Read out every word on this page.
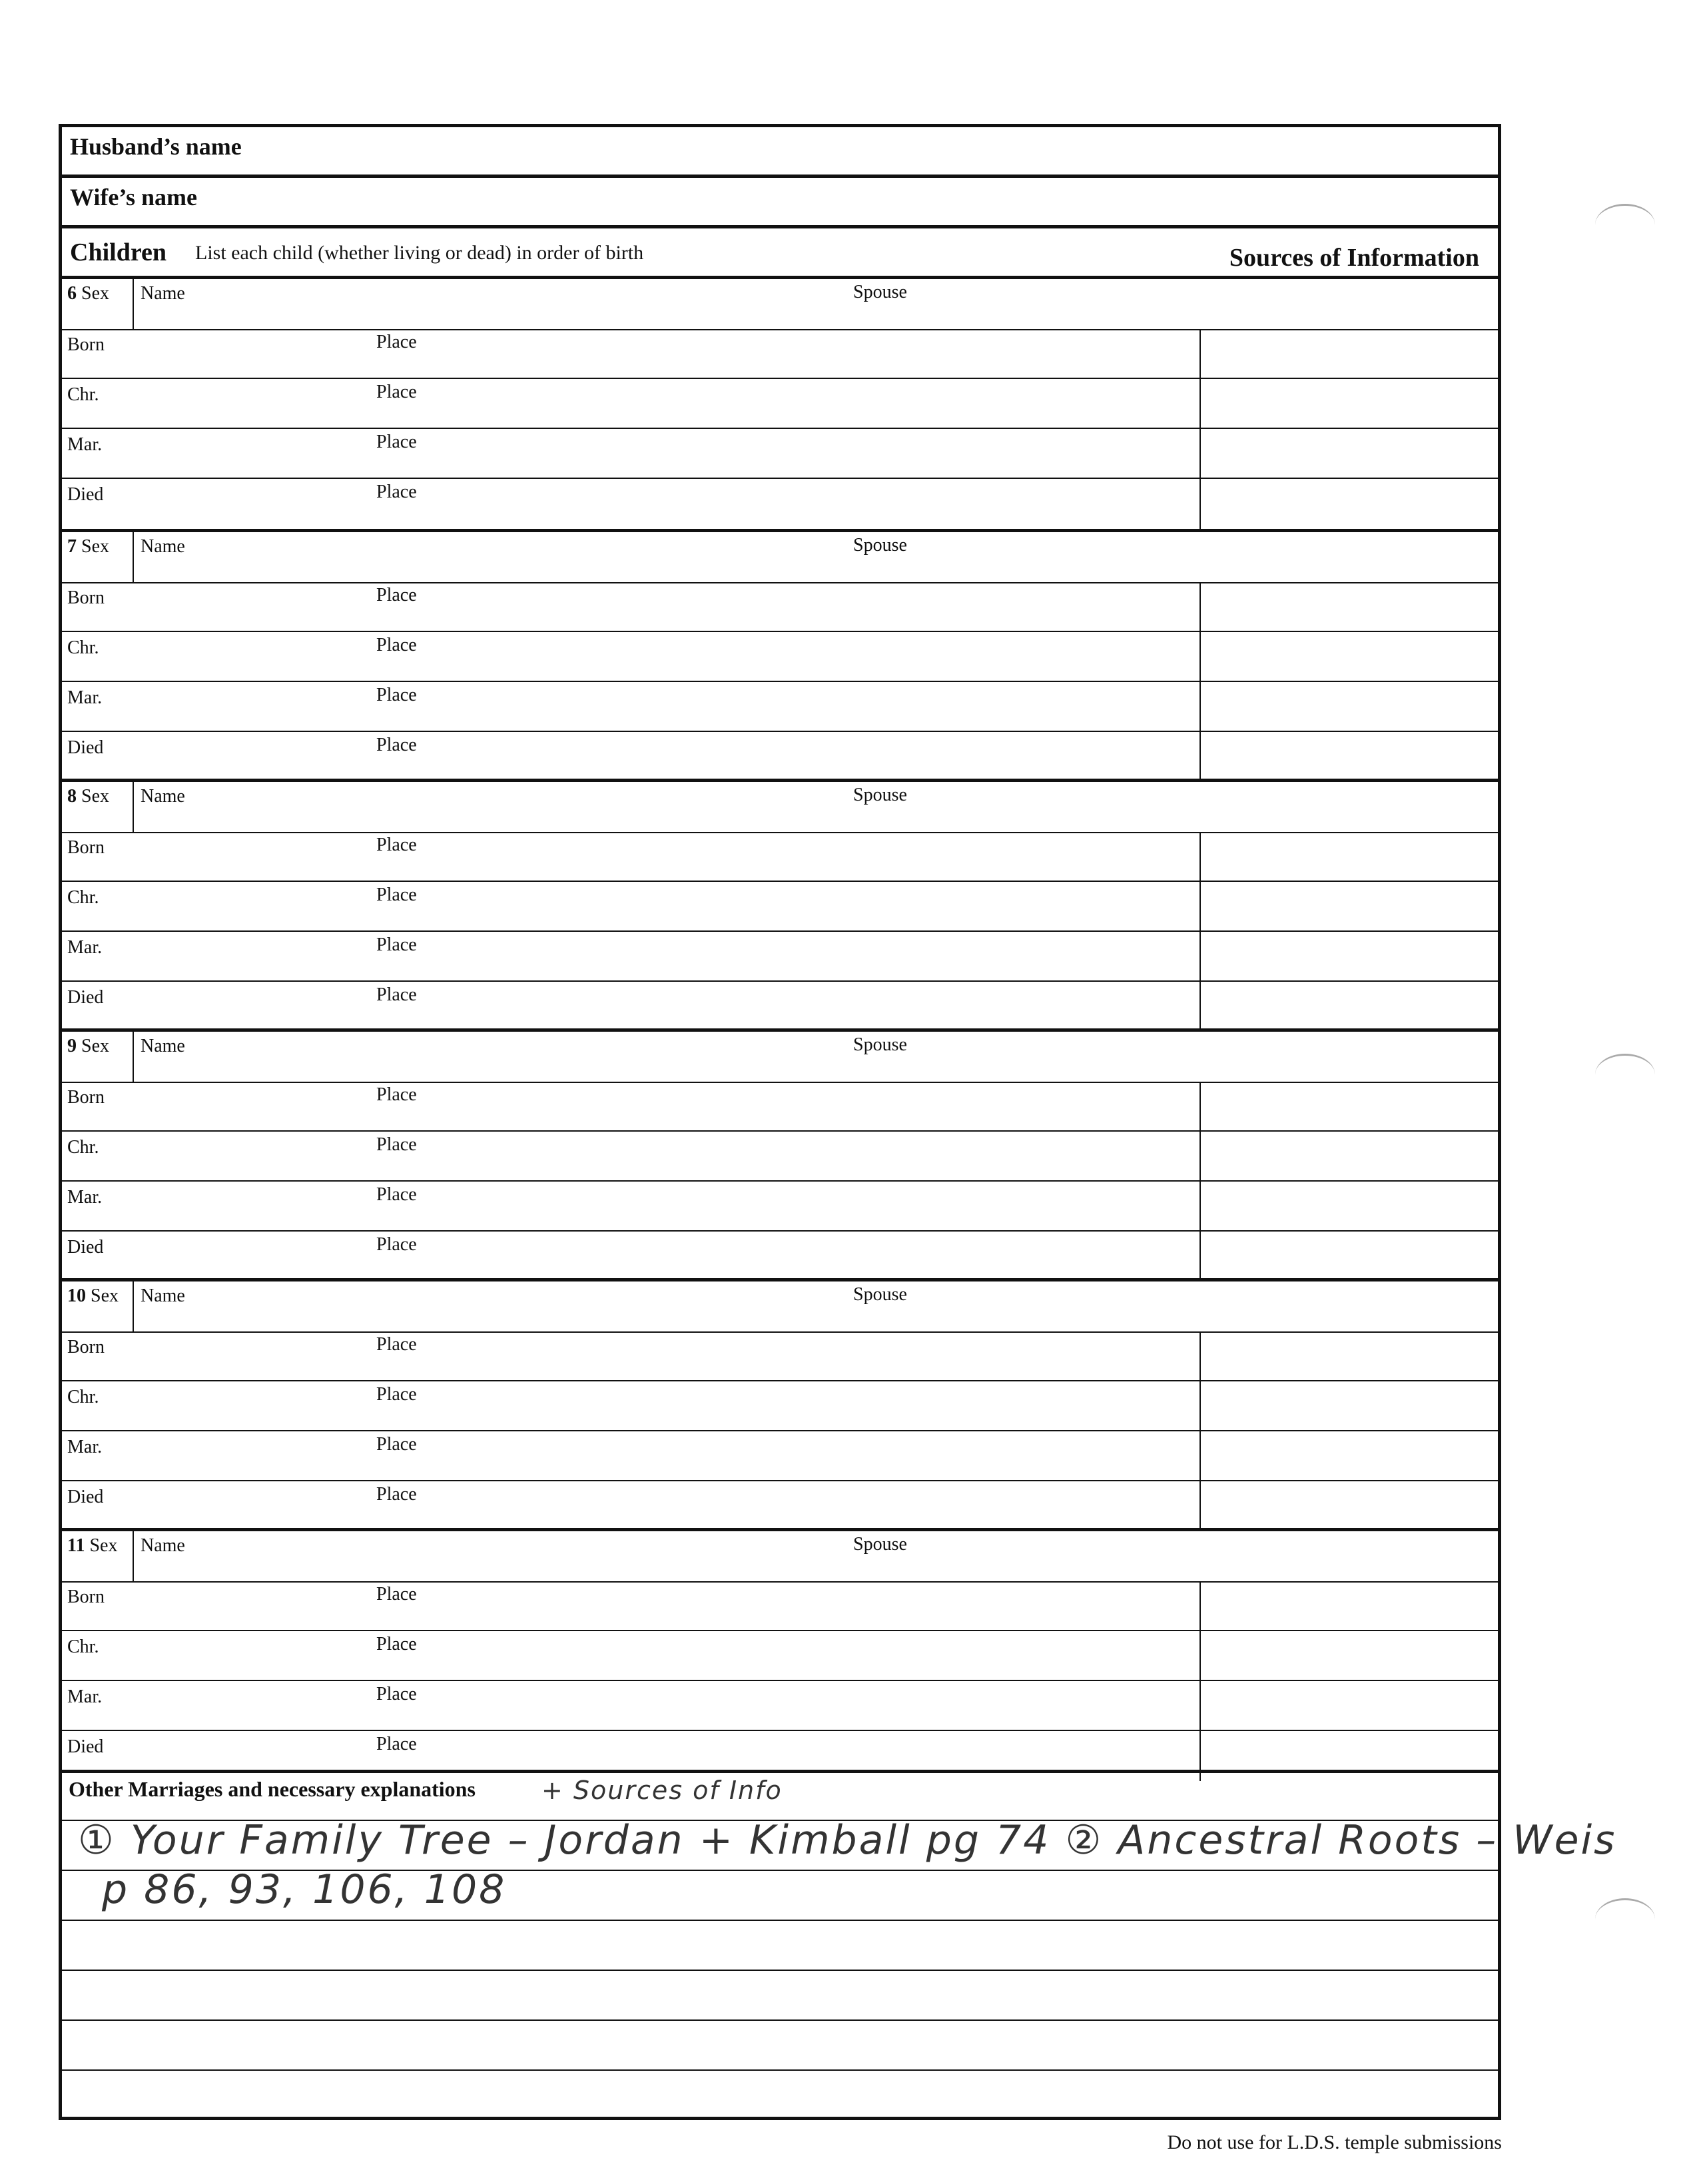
Husband’s name
Wife’s name
Children List each child (whether living or dead) in order of birth	Sources of Information
6 Sex	Name	Spouse
Born	Place
Chr.	Place
Mar.	Place
Died	Place
7 Sex	Name	Spouse
Born	Place
Chr.	Place
Mar.	Place
Died	Place
8 Sex	Name	Spouse
Born	Place
Chr.	Place
Mar.	Place
Died	Place
9 Sex	Name	Spouse
Born	Place
Chr.	Place
Mar.	Place
Died	Place
10 Sex	Name	Spouse
Born	Place
Chr.	Place
Mar.	Place
Died	Place
11 Sex	Name	Spouse
Born	Place
Chr.	Place
Mar.	Place
Died	Place
Other Marriages and necessary explanations	+ Sources of Info
① Your Family Tree – Jordan + Kimball pg 74 ② Ancestral Roots – Weis
p 86, 93, 106, 108
Do not use for L.D.S. temple submissions
